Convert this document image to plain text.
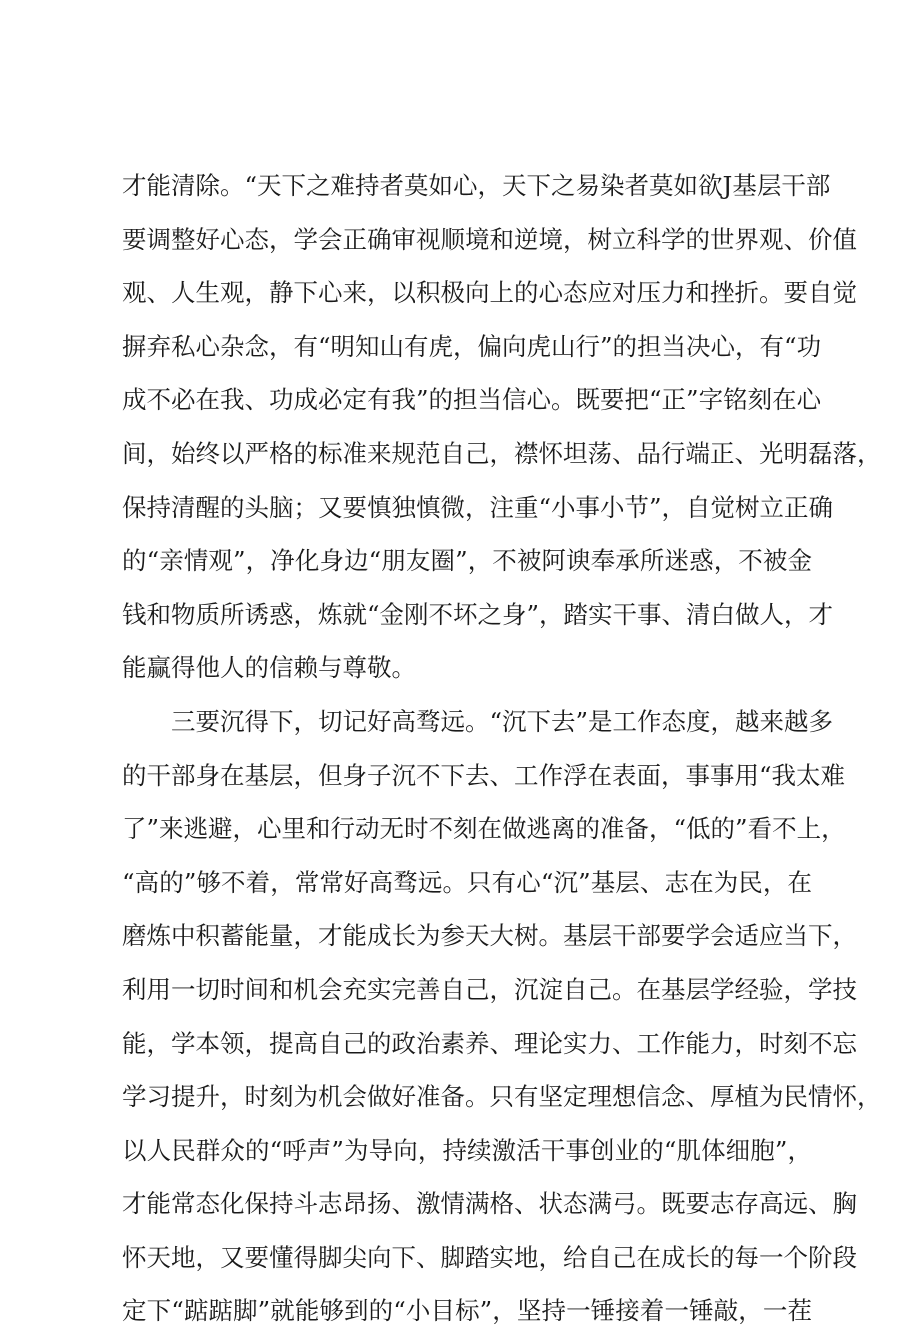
才能清除。“天下之难持者莫如心，天下之易染者莫如欲J基层干部
要调整好心态，学会正确审视顺境和逆境，树立科学的世界观、价值
观、人生观，静下心来，以积极向上的心态应对压力和挫折。要自觉
摒弃私心杂念，有“明知山有虎，偏向虎山行”的担当决心，有“功
成不必在我、功成必定有我”的担当信心。既要把“正”字铭刻在心
间，始终以严格的标准来规范自己，襟怀坦荡、品行端正、光明磊落，
保持清醒的头脑；又要慎独慎微，注重“小事小节”，自觉树立正确
的“亲情观”，净化身边“朋友圈”，不被阿谀奉承所迷惑，不被金
钱和物质所诱惑，炼就“金刚不坏之身”，踏实干事、清白做人，才
能赢得他人的信赖与尊敬。
三要沉得下，切记好高骛远。“沉下去”是工作态度，越来越多
的干部身在基层，但身子沉不下去、工作浮在表面，事事用“我太难
了”来逃避，心里和行动无时不刻在做逃离的准备，“低的”看不上，
“高的”够不着，常常好高骛远。只有心“沉”基层、志在为民，在
磨炼中积蓄能量，才能成长为参天大树。基层干部要学会适应当下，
利用一切时间和机会充实完善自己，沉淀自己。在基层学经验，学技
能，学本领，提高自己的政治素养、理论实力、工作能力，时刻不忘
学习提升，时刻为机会做好准备。只有坚定理想信念、厚植为民情怀，
以人民群众的“呼声”为导向，持续激活干事创业的“肌体细胞”，
才能常态化保持斗志昂扬、激情满格、状态满弓。既要志存高远、胸
怀天地，又要懂得脚尖向下、脚踏实地，给自己在成长的每一个阶段
定下“踮踮脚”就能够到的“小目标”，坚持一锤接着一锤敲，一茬
